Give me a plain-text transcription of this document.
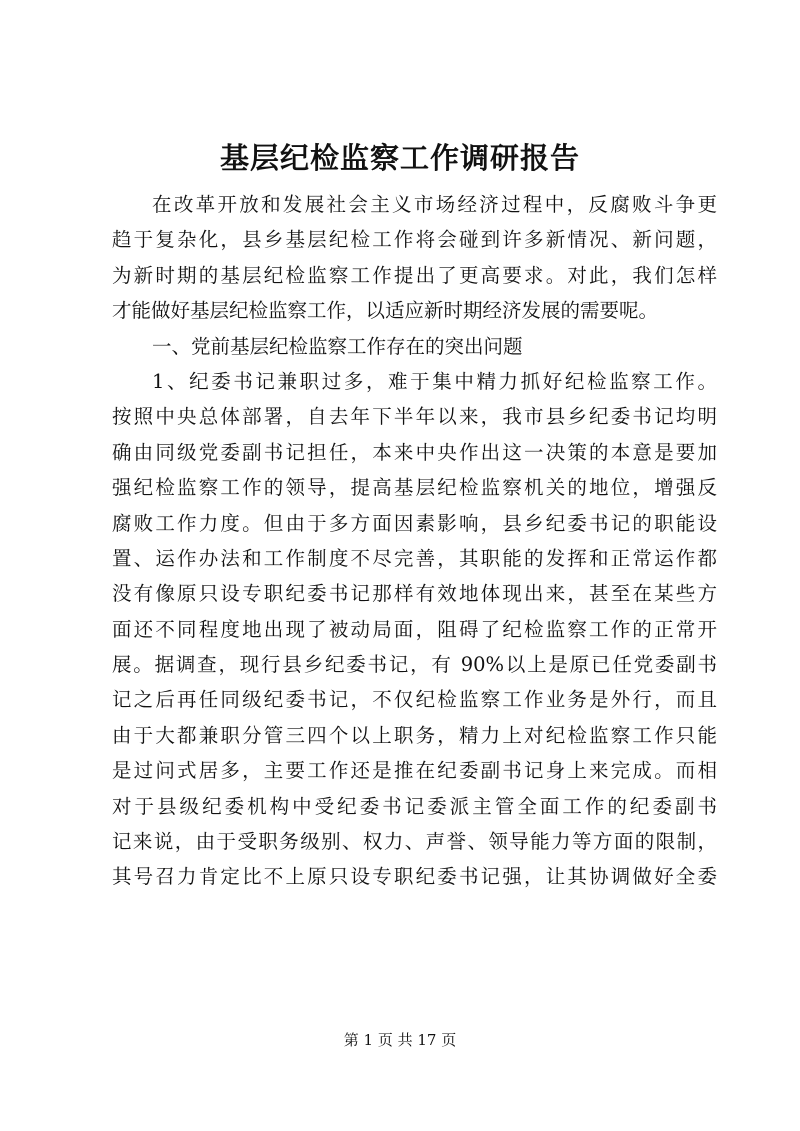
基层纪检监察工作调研报告
在改革开放和发展社会主义市场经济过程中，反腐败斗争更
趋于复杂化，县乡基层纪检工作将会碰到许多新情况、新问题，
为新时期的基层纪检监察工作提出了更高要求。对此，我们怎样
才能做好基层纪检监察工作，以适应新时期经济发展的需要呢。
一、党前基层纪检监察工作存在的突出问题
1、纪委书记兼职过多，难于集中精力抓好纪检监察工作。
按照中央总体部署，自去年下半年以来，我市县乡纪委书记均明
确由同级党委副书记担任，本来中央作出这一决策的本意是要加
强纪检监察工作的领导，提高基层纪检监察机关的地位，增强反
腐败工作力度。但由于多方面因素影响，县乡纪委书记的职能设
置、运作办法和工作制度不尽完善，其职能的发挥和正常运作都
没有像原只设专职纪委书记那样有效地体现出来，甚至在某些方
面还不同程度地出现了被动局面，阻碍了纪检监察工作的正常开
展。据调查，现行县乡纪委书记，有 90%以上是原已任党委副书
记之后再任同级纪委书记，不仅纪检监察工作业务是外行，而且
由于大都兼职分管三四个以上职务，精力上对纪检监察工作只能
是过问式居多，主要工作还是推在纪委副书记身上来完成。而相
对于县级纪委机构中受纪委书记委派主管全面工作的纪委副书
记来说，由于受职务级别、权力、声誉、领导能力等方面的限制，
其号召力肯定比不上原只设专职纪委书记强，让其协调做好全委

第 1 页 共 17 页
